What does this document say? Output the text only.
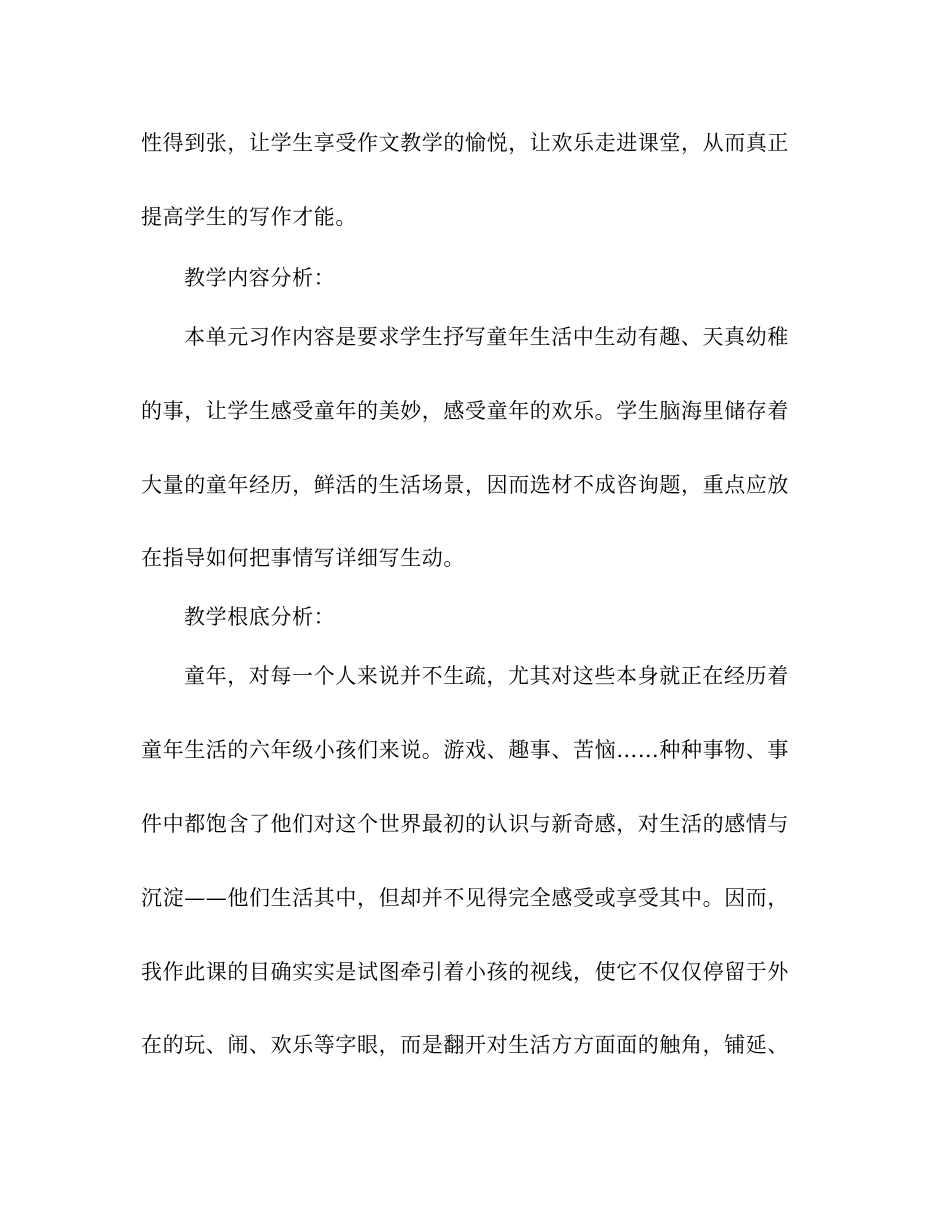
性得到张，让学生享受作文教学的愉悦，让欢乐走进课堂，从而真正

提高学生的写作才能。

教学内容分析：

本单元习作内容是要求学生抒写童年生活中生动有趣、天真幼稚

的事，让学生感受童年的美妙，感受童年的欢乐。学生脑海里储存着

大量的童年经历，鲜活的生活场景，因而选材不成咨询题，重点应放

在指导如何把事情写详细写生动。

教学根底分析：

童年，对每一个人来说并不生疏，尤其对这些本身就正在经历着

童年生活的六年级小孩们来说。游戏、趣事、苦恼……种种事物、事

件中都饱含了他们对这个世界最初的认识与新奇感，对生活的感情与

沉淀——他们生活其中，但却并不见得完全感受或享受其中。因而，

我作此课的目确实实是试图牵引着小孩的视线，使它不仅仅停留于外

在的玩、闹、欢乐等字眼，而是翻开对生活方方面面的触角，铺延、
